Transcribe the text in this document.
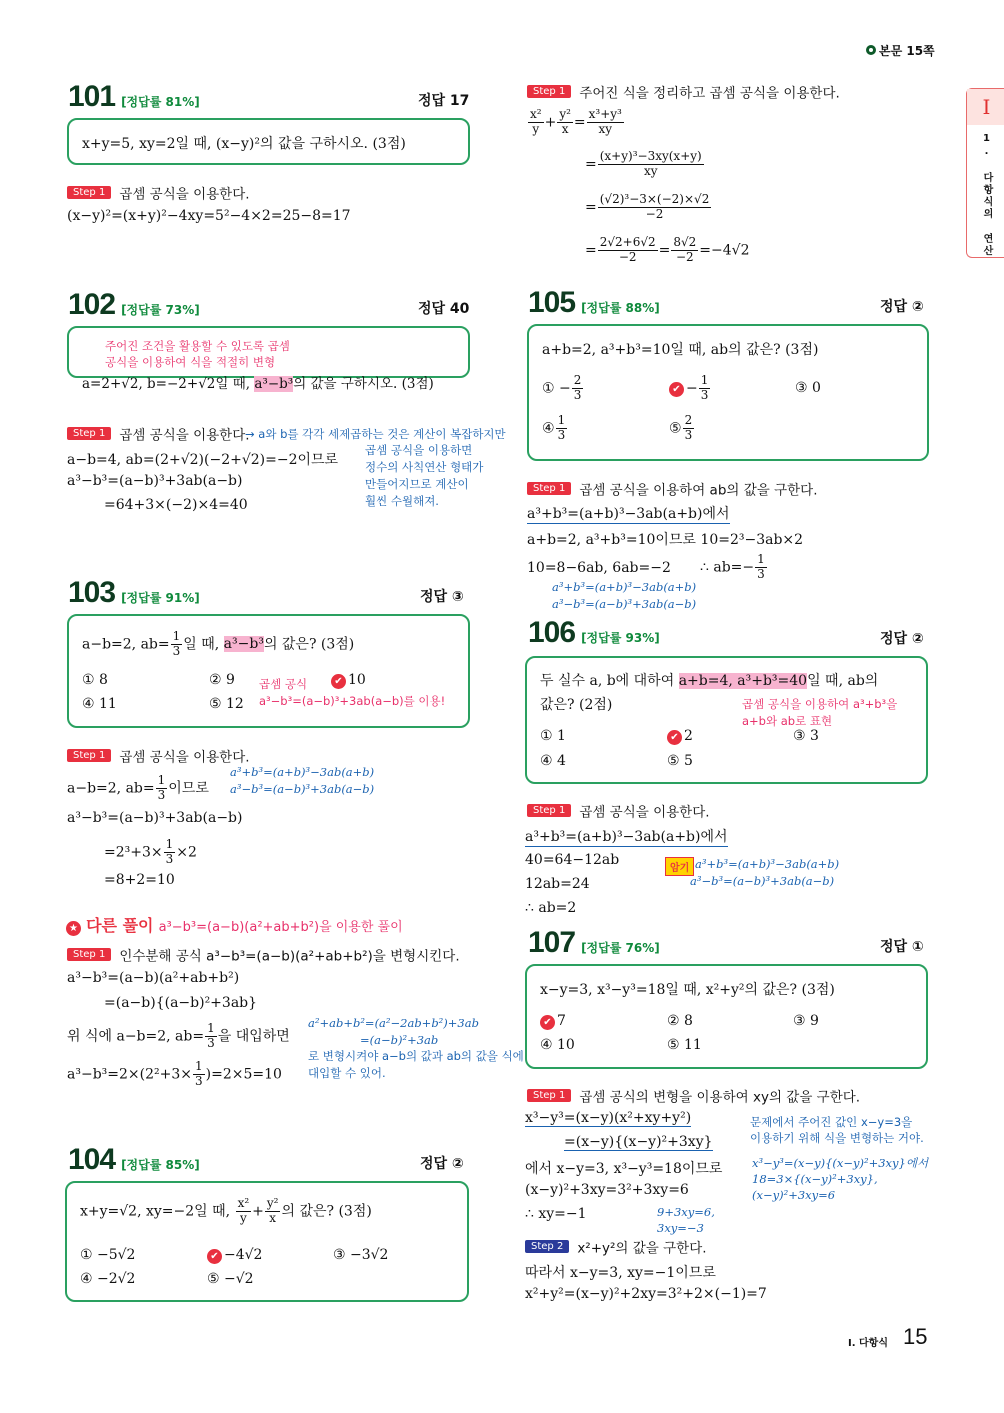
본문 15쪽
I
1. 다항식의 연산
101 [정답률 81%]	정답 17
x+y=5, xy=2일 때, (x−y)²의 값을 구하시오. (3점)
Step 1 곱셈 공식을 이용한다.
(x−y)²=(x+y)²−4xy=5²−4×2=25−8=17
102 [정답률 73%]	정답 40
주어진 조건을 활용할 수 있도록 곱셈
공식을 이용하여 식을 적절히 변형
a=2+√2, b=−2+√2일 때, a³−b³의 값을 구하시오. (3점)
Step 1 곱셈 공식을 이용한다.
→ a와 b를 각각 세제곱하는 것은 계산이 복잡하지만
곱셈 공식을 이용하면
정수의 사칙연산 형태가
만들어지므로 계산이
훨씬 수월해져.
a−b=4, ab=(2+√2)(−2+√2)=−2이므로
a³−b³=(a−b)³+3ab(a−b)
=64+3×(−2)×4=40
103 [정답률 91%]	정답 ③
a−b=2, $ab= \frac{1}{3}$ 일 때, a³−b³의 값은? (3점)
① 8	② 9	✔ 10
④ 11	⑤ 12
곱셈 공식
a³−b³=(a−b)³+3ab(a−b)를 이용!
Step 1 곱셈 공식을 이용한다.
a³+b³=(a+b)³−3ab(a+b)
a³−b³=(a−b)³+3ab(a−b)
a−b=2, $ab= \frac{1}{3}$ 이므로
a³−b³=(a−b)³+3ab(a−b)
$=2^3+3\times \frac{1}{3} \times 2$
=8+2=10
★ 다른 풀이 a³−b³=(a−b)(a²+ab+b²)을 이용한 풀이
Step 1 인수분해 공식 a³−b³=(a−b)(a²+ab+b²)을 변형시킨다.
a³−b³=(a−b)(a²+ab+b²)
=(a−b){(a−b)²+3ab}
위 식에 a−b=2, $ab= \frac{1}{3}$ 을 대입하면
$a^3-b^3=2\times(2^2+3\times \frac{1}{3} )=2\times 5=10$
a²+ab+b²=(a²−2ab+b²)+3ab
=(a−b)²+3ab
로 변형시켜야 a−b의 값과 ab의 값을 식에
대입할 수 있어.
104 [정답률 85%]	정답 ②
x+y=√2, xy=−2일 때, $\frac{\text{x²}}{y} + \frac{\text{y²}}{x}$ 의 값은? (3점)
① −5√2	✔ −4√2	③ −3√2
④ −2√2	⑤ −√2
Step 1 주어진 식을 정리하고 곱셈 공식을 이용한다.
$\frac{\text{x²}}{y} + \frac{\text{y²}}{x} = \frac{\text{x³+y³}}{xy}$
= $\frac{\text{(x+y)³−3xy(x+y)}}{xy}$
= $\frac{\text{(√2)³−3×(−2)×√2}}{-2}$
= $\frac{2√2+6√2}{-2} = \frac{8√2}{-2} =-4√2$
105 [정답률 88%]	정답 ②
a+b=2, a³+b³=10일 때, ab의 값은? (3점)
① − $\frac{2}{3}$	✔ − $\frac{1}{3}$	③ 0
④ $\frac{1}{3}$	⑤ $\frac{2}{3}$
Step 1 곱셈 공식을 이용하여 ab의 값을 구한다.
a³+b³=(a+b)³−3ab(a+b)에서
a+b=2, a³+b³=10이므로 10=2³−3ab×2
10=8−6ab, 6ab=−2 ∴ $ab=- \frac{1}{3}$
a³+b³=(a+b)³−3ab(a+b)
a³−b³=(a−b)³+3ab(a−b)
106 [정답률 93%]	정답 ②
두 실수 a, b에 대하여 a+b=4, a³+b³=40일 때, ab의
값은? (2점)	곱셈 공식을 이용하여 a³+b³을
a+b와 ab로 표현
① 1	✔ 2	③ 3
④ 4	⑤ 5
Step 1 곱셈 공식을 이용한다.
a³+b³=(a+b)³−3ab(a+b)에서
40=64−12ab
12ab=24
∴ ab=2
암기 a³+b³=(a+b)³−3ab(a+b)
a³−b³=(a−b)³+3ab(a−b)
107 [정답률 76%]	정답 ①
x−y=3, x³−y³=18일 때, x²+y²의 값은? (3점)
✔ 7	② 8	③ 9
④ 10	⑤ 11
Step 1 곱셈 공식의 변형을 이용하여 xy의 값을 구한다.
x³−y³=(x−y)(x²+xy+y²)
=(x−y){(x−y)²+3xy}
에서 x−y=3, x³−y³=18이므로
(x−y)²+3xy=3²+3xy=6
∴ xy=−1
문제에서 주어진 값인 x−y=3을
이용하기 위해 식을 변형하는 거야.
x³−y³=(x−y){(x−y)²+3xy}에서
18=3×{(x−y)²+3xy},
(x−y)²+3xy=6
9+3xy=6,
3xy=−3
Step 2 x²+y²의 값을 구한다.
따라서 x−y=3, xy=−1이므로
x²+y²=(x−y)²+2xy=3²+2×(−1)=7
I. 다항식 15
